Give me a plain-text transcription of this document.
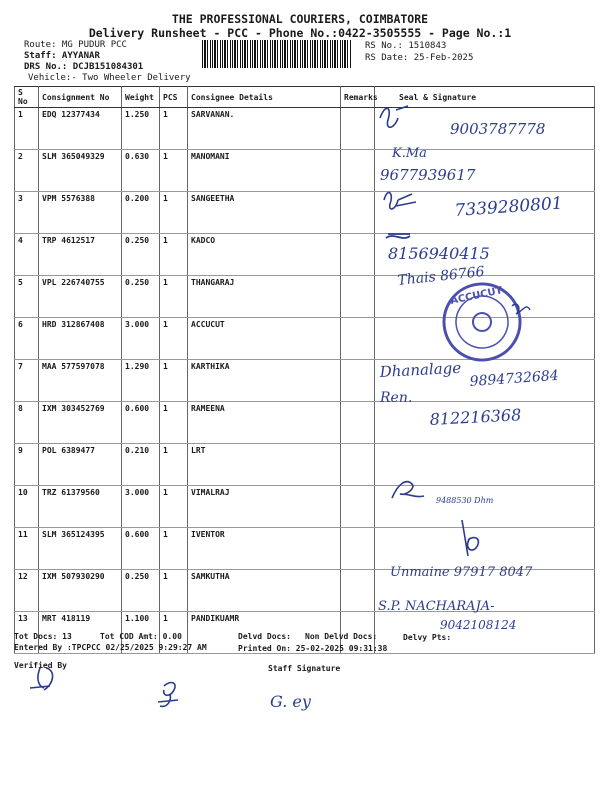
THE PROFESSIONAL COURIERS, COIMBATORE
Delivery Runsheet - PCC - Phone No.:0422-3505555 - Page No.:1
Route: MG PUDUR PCC
Staff: AYYANAR
DRS No.: DCJB151084301
Vehicle:- Two Wheeler Delivery
RS No.: 1510843
RS Date: 25-Feb-2025
S No	Consignment No	Weight	PCS	Consignee Details	Remarks	Seal & Signature
1	EDQ 12377434	1.250	1	SARVANAN.		
2	SLM 365049329	0.630	1	MANOMANI		
3	VPM 5576388	0.200	1	SANGEETHA		
4	TRP 4612517	0.250	1	KADCO		
5	VPL 226740755	0.250	1	THANGARAJ		
6	HRD 312867408	3.000	1	ACCUCUT		
7	MAA 577597078	1.290	1	KARTHIKA		
8	IXM 303452769	0.600	1	RAMEENA		
9	POL 6389477	0.210	1	LRT		
10	TRZ 61379560	3.000	1	VIMALRAJ		
11	SLM 365124395	0.600	1	IVENTOR		
12	IXM 507930290	0.250	1	SAMKUTHA		
13	MRT 418119	1.100	1	PANDIKUAMR		
Tot Docs: 13	Tot COD Amt: 0.00	Delvd Docs: Non Delvd Docs:	Delvy Pts:
Entered By :TPCPCC 02/25/2025 9:29:27 AM	Printed On: 25-02-2025 09:31:38
Verified By	Staff Signature
9003787778
K.Ma
9677939617
7339280801
8156940415
Thais 86766
ACCUCUT
Dhanalage 9894732684
Ren.
812216368
9488530 Dhm
Unmaine 97917 8047
S.P. NACHARAJA-
9042108124
G. ey
